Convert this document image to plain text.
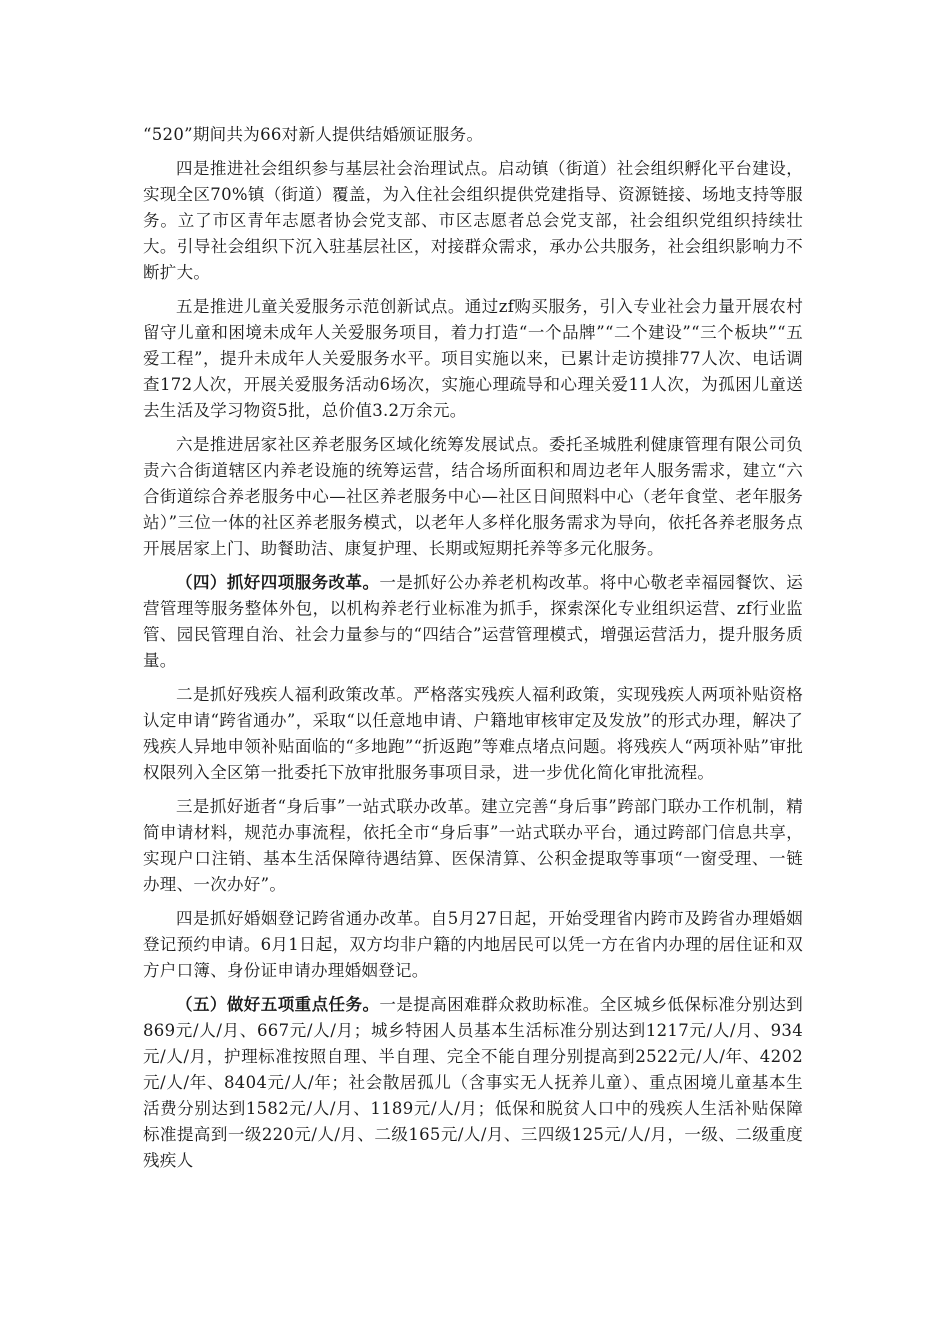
“520”期间共为66对新人提供结婚颁证服务。

四是推进社会组织参与基层社会治理试点。启动镇（街道）社会组织孵化平台建设，实现全区70%镇（街道）覆盖，为入住社会组织提供党建指导、资源链接、场地支持等服务。立了市区青年志愿者协会党支部、市区志愿者总会党支部，社会组织党组织持续壮大。引导社会组织下沉入驻基层社区，对接群众需求，承办公共服务，社会组织影响力不断扩大。

五是推进儿童关爱服务示范创新试点。通过zf购买服务，引入专业社会力量开展农村留守儿童和困境未成年人关爱服务项目，着力打造“一个品牌”“二个建设”“三个板块”“五爱工程”，提升未成年人关爱服务水平。项目实施以来，已累计走访摸排77人次、电话调查172人次，开展关爱服务活动6场次，实施心理疏导和心理关爱11人次，为孤困儿童送去生活及学习物资5批，总价值3.2万余元。

六是推进居家社区养老服务区域化统筹发展试点。委托圣城胜利健康管理有限公司负责六合街道辖区内养老设施的统筹运营，结合场所面积和周边老年人服务需求，建立“六合街道综合养老服务中心—社区养老服务中心—社区日间照料中心（老年食堂、老年服务站）”三位一体的社区养老服务模式，以老年人多样化服务需求为导向，依托各养老服务点开展居家上门、助餐助洁、康复护理、长期或短期托养等多元化服务。

（四）抓好四项服务改革。一是抓好公办养老机构改革。将中心敬老幸福园餐饮、运营管理等服务整体外包，以机构养老行业标准为抓手，探索深化专业组织运营、zf行业监管、园民管理自治、社会力量参与的“四结合”运营管理模式，增强运营活力，提升服务质量。

二是抓好残疾人福利政策改革。严格落实残疾人福利政策，实现残疾人两项补贴资格认定申请“跨省通办”，采取“以任意地申请、户籍地审核审定及发放”的形式办理，解决了残疾人异地申领补贴面临的“多地跑”“折返跑”等难点堵点问题。将残疾人“两项补贴”审批权限列入全区第一批委托下放审批服务事项目录，进一步优化简化审批流程。

三是抓好逝者“身后事”一站式联办改革。建立完善“身后事”跨部门联办工作机制，精简申请材料，规范办事流程，依托全市“身后事”一站式联办平台，通过跨部门信息共享，实现户口注销、基本生活保障待遇结算、医保清算、公积金提取等事项“一窗受理、一链办理、一次办好”。

四是抓好婚姻登记跨省通办改革。自5月27日起，开始受理省内跨市及跨省办理婚姻登记预约申请。6月1日起，双方均非户籍的内地居民可以凭一方在省内办理的居住证和双方户口簿、身份证申请办理婚姻登记。

（五）做好五项重点任务。一是提高困难群众救助标准。全区城乡低保标准分别达到869元/人/月、667元/人/月；城乡特困人员基本生活标准分别达到1217元/人/月、934元/人/月，护理标准按照自理、半自理、完全不能自理分别提高到2522元/人/年、4202元/人/年、8404元/人/年；社会散居孤儿（含事实无人抚养儿童）、重点困境儿童基本生活费分别达到1582元/人/月、1189元/人/月；低保和脱贫人口中的残疾人生活补贴保障标准提高到一级220元/人/月、二级165元/人/月、三四级125元/人/月，一级、二级重度残疾人
